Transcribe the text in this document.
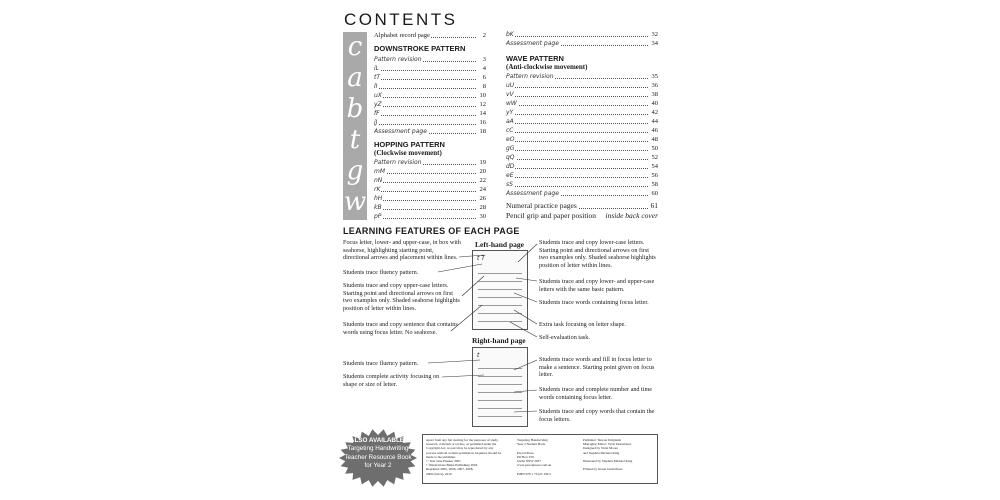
CONTENTS
c
a
b
t
g
w
Alphabet record page	2
DOWNSTROKE PATTERN
Pattern revision	3
iL	4
tT	6
lI	8
uX	10
yZ	12
fF	14
jJ	16
Assessment page	18
HOPPING PATTERN
(Clockwise movement)
Pattern revision	19
mM	20
nN	22
rK	24
hH	26
kB	28
pP	30
bK	32
Assessment page	34
WAVE PATTERN
(Anti-clockwise movement)
Pattern revision	35
uU	36
vV	38
wW	40
yY	42
aA	44
cC	46
eO	48
gG	50
qQ	52
dD	54
eE	56
sS	58
Assessment page	60
Numeral practice pages	61
Pencil grip and paper position inside back cover
LEARNING FEATURES OF EACH PAGE
Left-hand page
Right-hand page
t T
t
Focus letter, lower- and upper-case, in box with seahorse, highlighting starting point, directional arrows and placement within lines.
Students trace fluency pattern.
Students trace and copy upper-case letters. Starting point and directional arrows on first two examples only. Shaded seahorse highlights position of letter within lines.
Students trace and copy sentence that contains words using focus letter. No seahorse.
Students trace and copy lower-case letters. Starting point and directional arrows on first two examples only. Shaded seahorse highlights position of letter within lines.
Students trace and copy lower- and upper-case letters with the same basic pattern.
Students trace words containing focus letter.
Extra task focusing on letter shape.
Self-evaluation task.
Students trace fluency pattern.
Students complete activity focusing on shape or size of letter.
Students trace words and fill in focus letter to make a sentence. Starting point given on focus letter.
Students trace and complete number and time words containing focus letter.
Students trace and copy words that contain the focus letters.
ALSO AVAILABLE!
Targeting Handwriting
Teacher Resource Book
for Year 2
Apart from any fair dealing for the purposes of study,
research, criticism or review, as permitted under the
Copyright Act, no part may be reproduced by any
process without written permission. Inquiries should be
made to the publisher.
© Text Jane Pinsker 2001
© Illustrations Blake Publishing 2004
Reprinted 2005, 2006, 2007, 2008,
2009 (twice), 2010
Targeting Handwriting
Year 2 Student Book
Pascal Press
PO Box 250
Glebe NSW 2037
www.pascalpress.com.au
ISBN 978 1 74125 199 2
Publisher: Sharon Dalgleish
Managing Editor: Vivia Dessaberes
Designed by Vicki Moore
and Stephen Michael King
Illustrated by Stephen Michael King
Printed by Green Giant Press
